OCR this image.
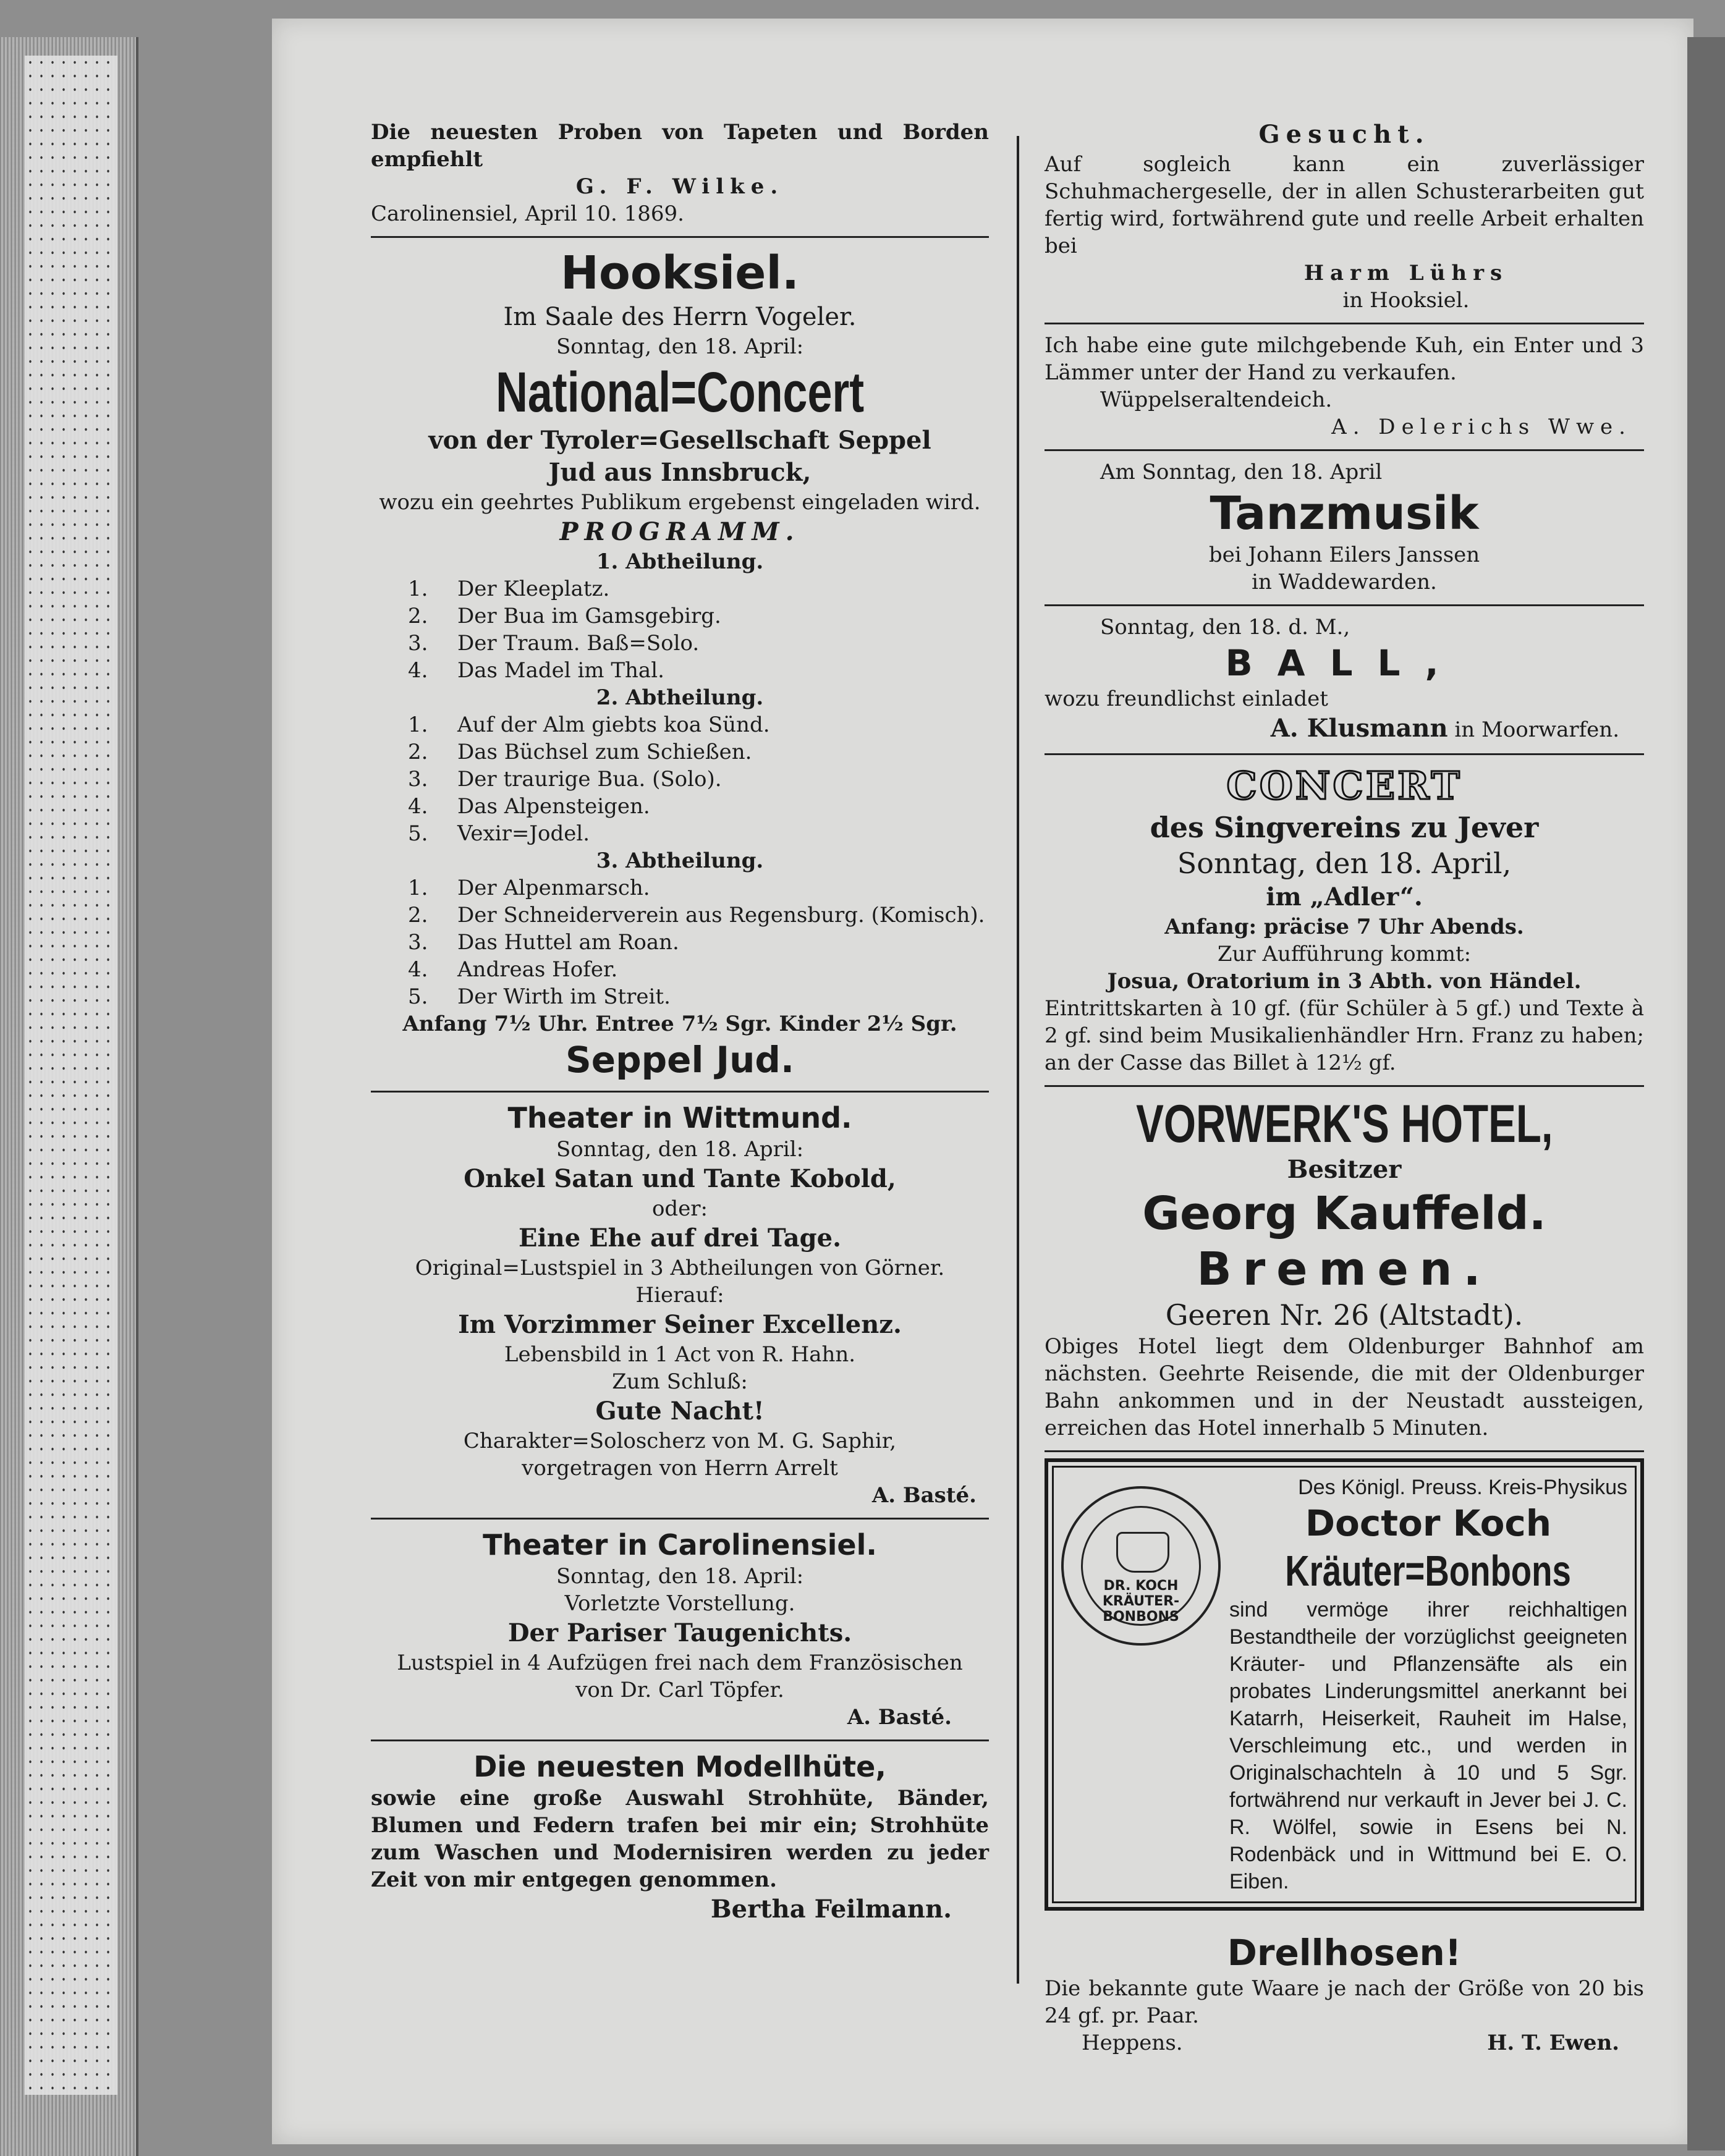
Die neuesten Proben von Tapeten und Borden empfiehlt

G. F. Wilke.

Carolinensiel, April 10. 1869.

Hooksiel.

Im Saale des Herrn Vogeler.

Sonntag, den 18. April:

National=Concert

von der Tyroler=Gesellschaft Seppel

Jud aus Innsbruck,

wozu ein geehrtes Publikum ergebenst eingeladen wird.

PROGRAMM.

1. Abtheilung.

1.	Der Kleeplatz.
2.	Der Bua im Gamsgebirg.
3.	Der Traum. Baß=Solo.
4.	Das Madel im Thal.

2. Abtheilung.

1.	Auf der Alm giebts koa Sünd.
2.	Das Büchsel zum Schießen.
3.	Der traurige Bua. (Solo).
4.	Das Alpensteigen.
5.	Vexir=Jodel.

3. Abtheilung.

1.	Der Alpenmarsch.
2.	Der Schneiderverein aus Regensburg. (Komisch).
3.	Das Huttel am Roan.
4.	Andreas Hofer.
5.	Der Wirth im Streit.

Anfang 7½ Uhr. Entree 7½ Sgr. Kinder 2½ Sgr.

Seppel Jud.

Theater in Wittmund.

Sonntag, den 18. April:

Onkel Satan und Tante Kobold,

oder:

Eine Ehe auf drei Tage.

Original=Lustspiel in 3 Abtheilungen von Görner.

Hierauf:

Im Vorzimmer Seiner Excellenz.

Lebensbild in 1 Act von R. Hahn.

Zum Schluß:

Gute Nacht!

Charakter=Soloscherz von M. G. Saphir,

vorgetragen von Herrn Arrelt

A. Basté.

Theater in Carolinensiel.

Sonntag, den 18. April:

Vorletzte Vorstellung.

Der Pariser Taugenichts.

Lustspiel in 4 Aufzügen frei nach dem Französischen

von Dr. Carl Töpfer.

A. Basté.

Die neuesten Modellhüte,

sowie eine große Auswahl Strohhüte, Bänder, Blumen und Federn trafen bei mir ein; Strohhüte zum Waschen und Modernisiren werden zu jeder Zeit von mir entgegen genommen.

Bertha Feilmann.

Gesucht.

Auf sogleich kann ein zuverlässiger Schuhmachergeselle, der in allen Schusterarbeiten gut fertig wird, fortwährend gute und reelle Arbeit erhalten bei

Harm Lührs

in Hooksiel.

Ich habe eine gute milchgebende Kuh, ein Enter und 3 Lämmer unter der Hand zu verkaufen.

Wüppelseraltendeich.

A. Delerichs Wwe.

Am Sonntag, den 18. April

Tanzmusik

bei Johann Eilers Janssen

in Waddewarden.

Sonntag, den 18. d. M.,

BALL,

wozu freundlichst einladet

A. Klusmann in Moorwarfen.

CONCERT

des Singvereins zu Jever

Sonntag, den 18. April,

im „Adler“.

Anfang: präcise 7 Uhr Abends.

Zur Aufführung kommt:

Josua, Oratorium in 3 Abth. von Händel.

Eintrittskarten à 10 gf. (für Schüler à 5 gf.) und Texte à 2 gf. sind beim Musikalienhändler Hrn. Franz zu haben; an der Casse das Billet à 12½ gf.

VORWERK'S HOTEL,

Besitzer

Georg Kauffeld.

Bremen.

Geeren Nr. 26 (Altstadt).

Obiges Hotel liegt dem Oldenburger Bahnhof am nächsten. Geehrte Reisende, die mit der Oldenburger Bahn ankommen und in der Neustadt aussteigen, erreichen das Hotel innerhalb 5 Minuten.

DR. KOCH KRÄUTER-BONBONS

Des Königl. Preuss. Kreis-Physikus

Doctor Koch

Kräuter=Bonbons

sind vermöge ihrer reichhaltigen Bestandtheile der vorzüglichst geeigneten Kräuter- und Pflanzensäfte als ein probates Linderungsmittel anerkannt bei Katarrh, Heiserkeit, Rauheit im Halse, Verschleimung etc., und werden in Originalschachteln à 10 und 5 Sgr. fortwährend nur verkauft in Jever bei J. C. R. Wölfel, sowie in Esens bei N. Rodenbäck und in Wittmund bei E. O. Eiben.

Drellhosen!

Die bekannte gute Waare je nach der Größe von 20 bis 24 gf. pr. Paar.

Heppens.	H. T. Ewen.
